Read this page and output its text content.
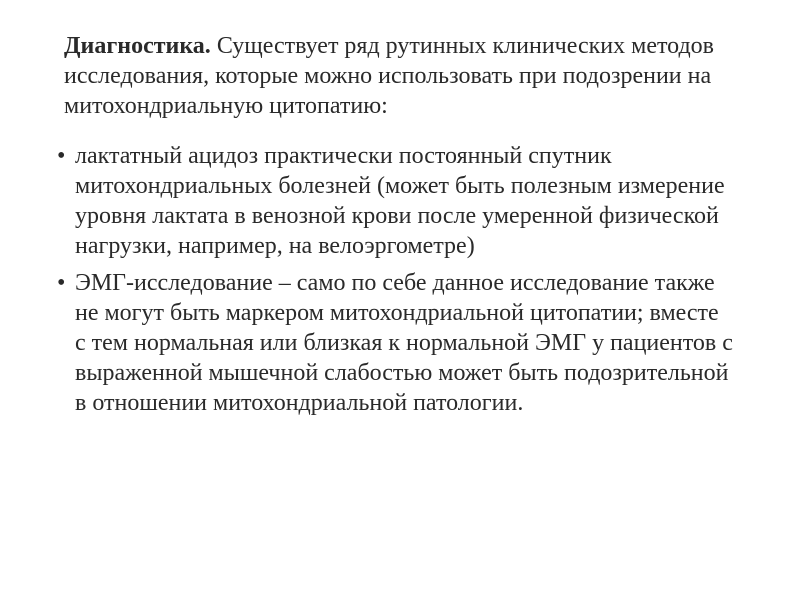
Диагностика. Существует ряд рутинных клинических методов исследования, которые можно использовать при подозрении на митохондриальную цитопатию:

• лактатный ацидоз практически постоянный спутник митохондриальных болезней (может быть полезным измерение уровня лактата в венозной крови после умеренной физической нагрузки, например, на велоэргометре)
• ЭМГ-исследование – само по себе данное исследование также не могут быть маркером митохондриальной цитопатии; вместе с тем нормальная или близкая к нормальной ЭМГ у пациентов с выраженной мышечной слабостью может быть подозрительной в отношении митохондриальной патологии.
